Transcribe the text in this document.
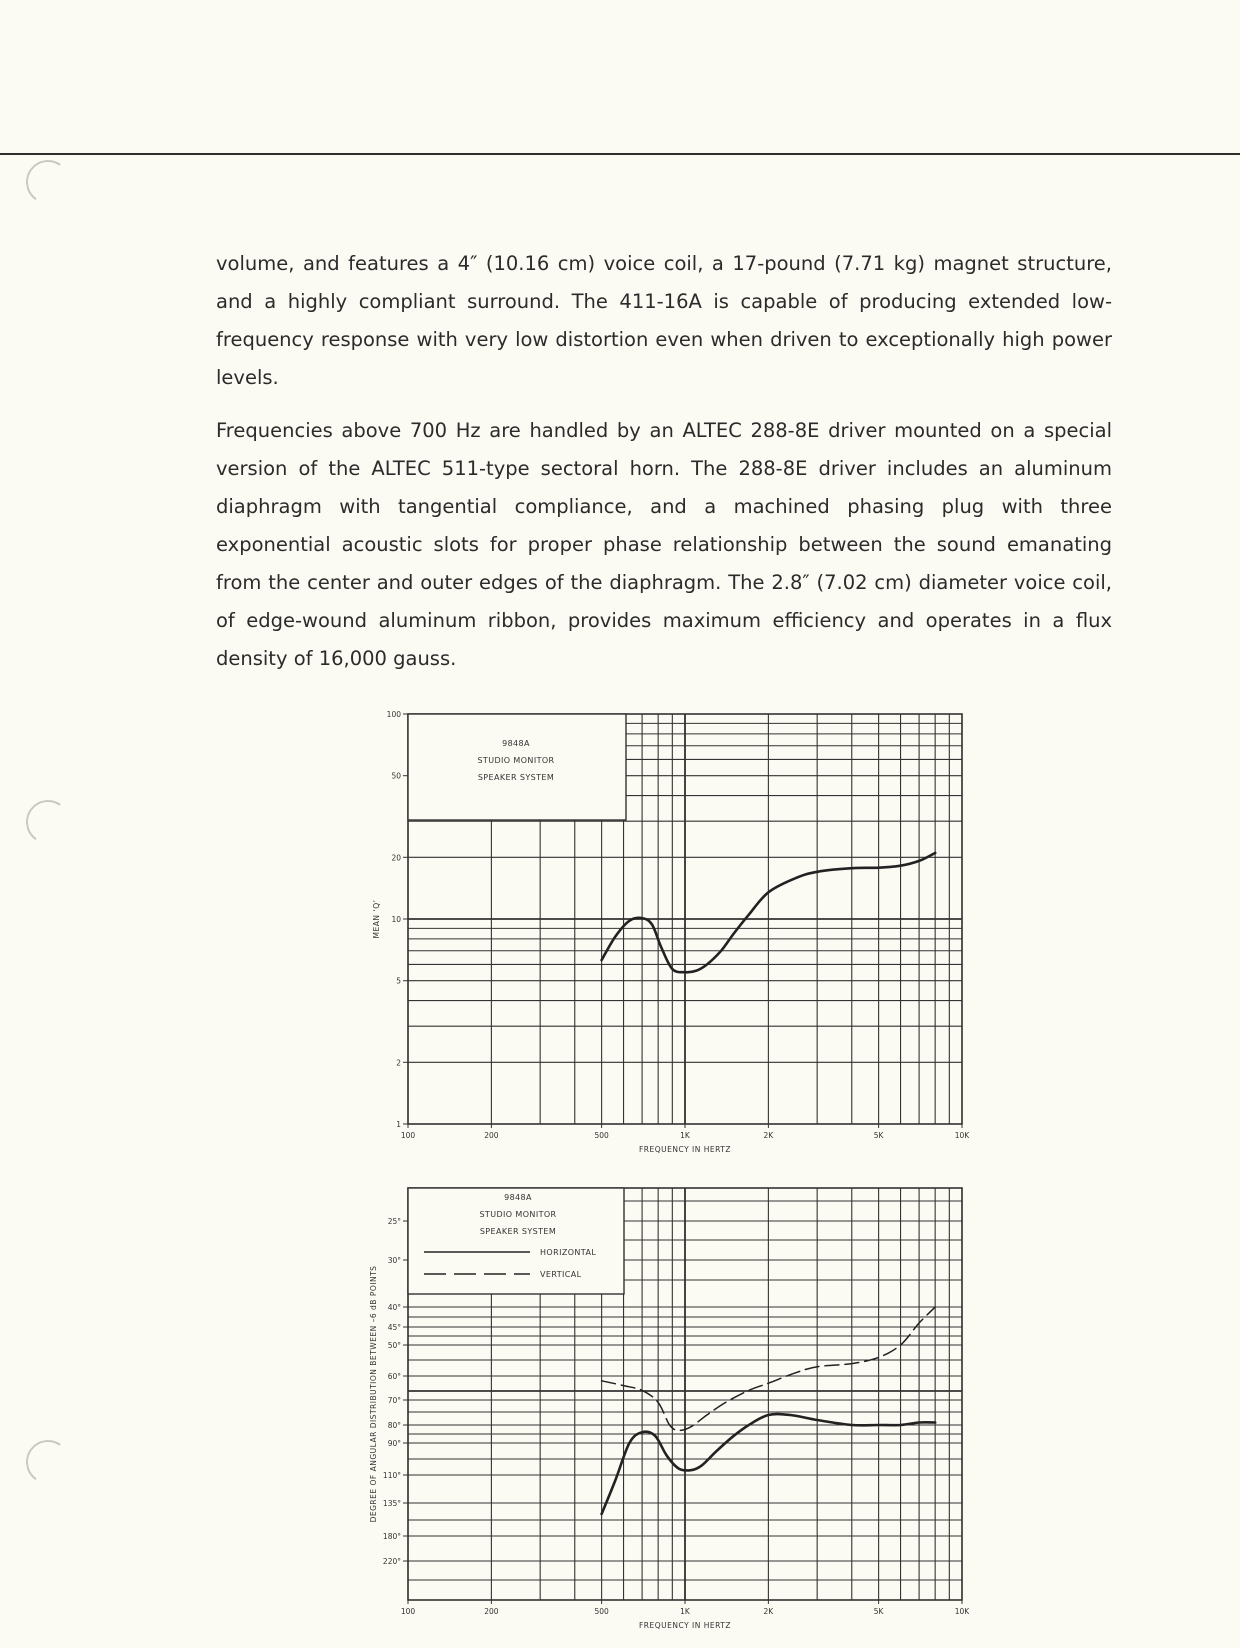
volume, and features a 4″ (10.16 cm) voice coil, a 17-pound (7.71 kg) magnet structure, and a highly compliant surround. The 411-16A is capable of producing extended low-frequency response with very low distortion even when driven to exceptionally high power levels.

Frequencies above 700 Hz are handled by an ALTEC 288-8E driver mounted on a special version of the ALTEC 511-type sectoral horn. The 288-8E driver includes an aluminum diaphragm with tangential compliance, and a machined phasing plug with three exponential acoustic slots for proper phase relationship between the sound emanating from the center and outer edges of the diaphragm. The 2.8″ (7.02 cm) diameter voice coil, of edge-wound aluminum ribbon, provides maximum efficiency and operates in a flux density of 16,000 gauss.

1
2
5
10
20
50
100
MEAN ‘Q’
100	200	500	1K	2K	5K	10K
FREQUENCY IN HERTZ
9848A
STUDIO MONITOR
SPEAKER SYSTEM
25°
30°
40°
45°
50°
60°
70°
80°
90°
110°
135°
180°
220°
DEGREE OF ANGULAR DISTRIBUTION BETWEEN –6 dB POINTS
100	200	500	1K	2K	5K	10K
FREQUENCY IN HERTZ
9848A
STUDIO MONITOR
SPEAKER SYSTEM
HORIZONTAL
VERTICAL
